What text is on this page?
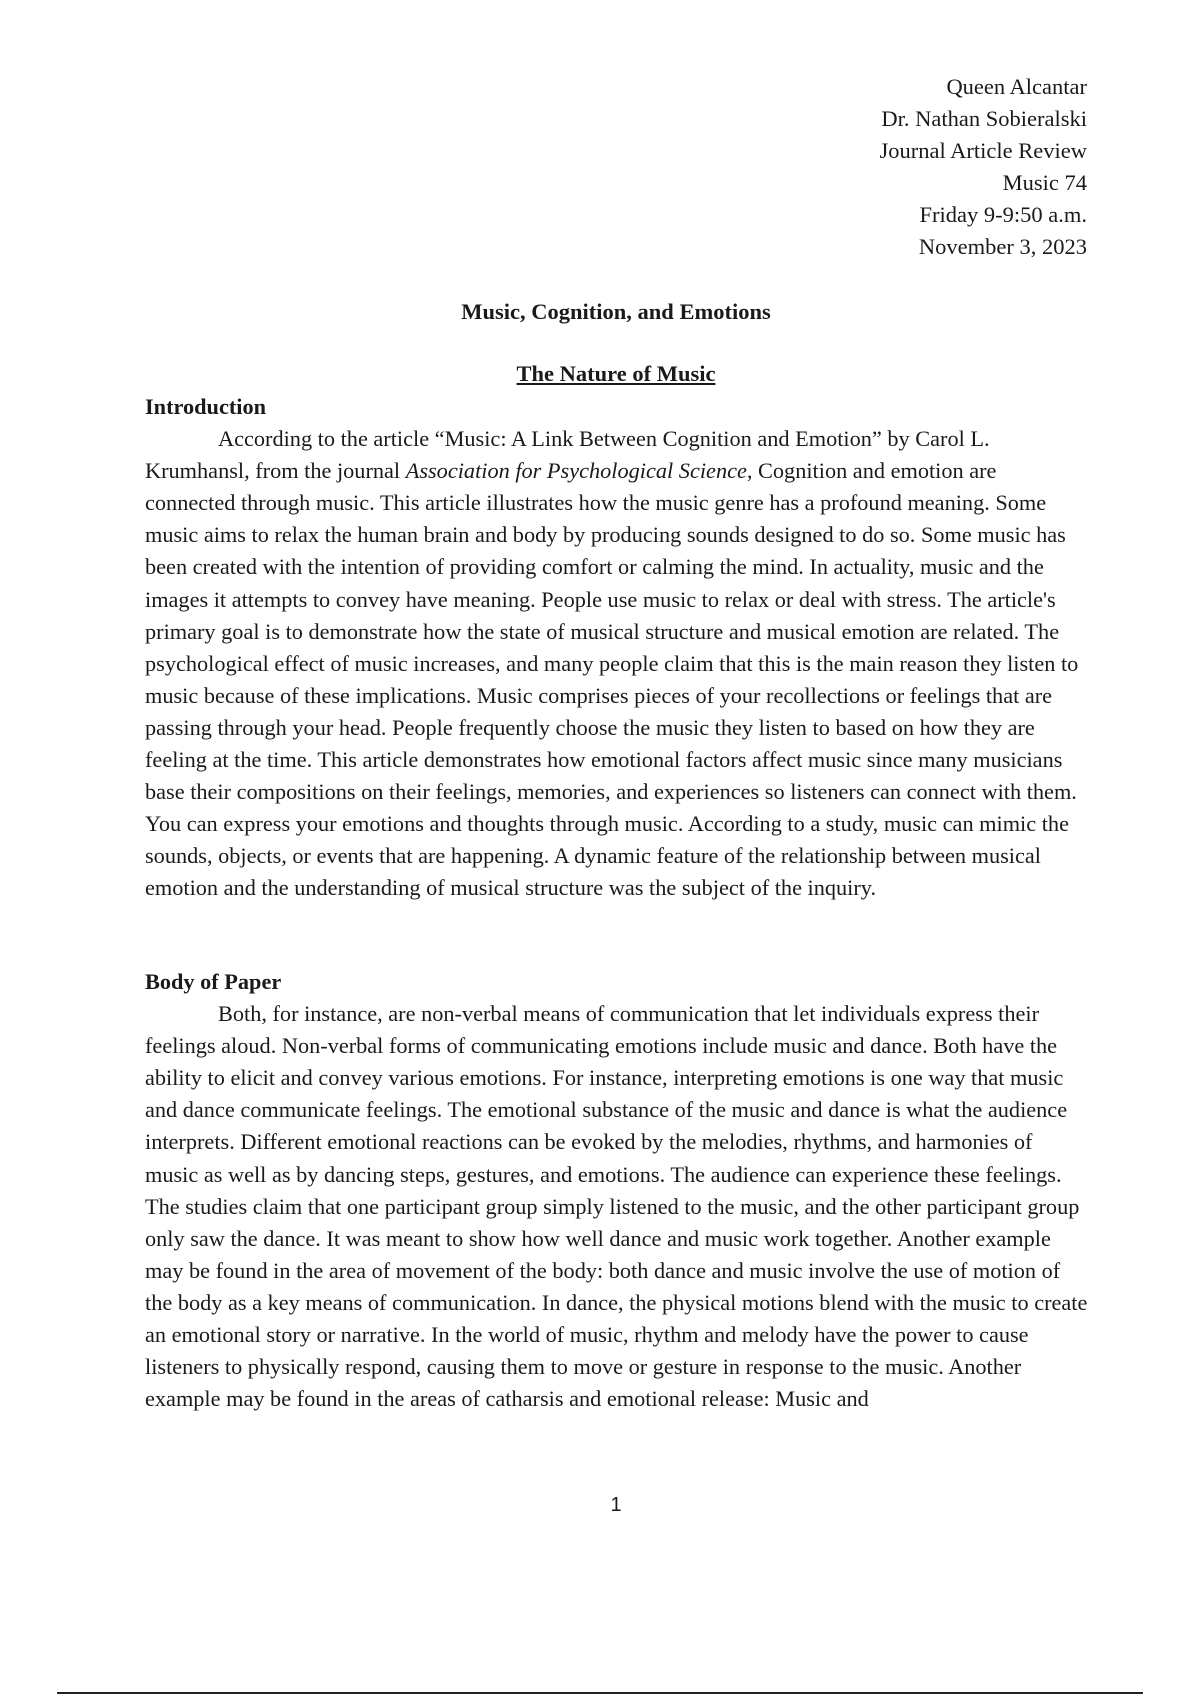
Queen Alcantar
Dr. Nathan Sobieralski
Journal Article Review
Music 74
Friday 9-9:50 a.m.
November 3, 2023
Music, Cognition, and Emotions
The Nature of Music
Introduction

According to the article “Music: A Link Between Cognition and Emotion” by Carol L. Krumhansl, from the journal Association for Psychological Science, Cognition and emotion are connected through music. This article illustrates how the music genre has a profound meaning. Some music aims to relax the human brain and body by producing sounds designed to do so. Some music has been created with the intention of providing comfort or calming the mind. In actuality, music and the images it attempts to convey have meaning. People use music to relax or deal with stress. The article's primary goal is to demonstrate how the state of musical structure and musical emotion are related. The psychological effect of music increases, and many people claim that this is the main reason they listen to music because of these implications. Music comprises pieces of your recollections or feelings that are passing through your head. People frequently choose the music they listen to based on how they are feeling at the time. This article demonstrates how emotional factors affect music since many musicians base their compositions on their feelings, memories, and experiences so listeners can connect with them. You can express your emotions and thoughts through music. According to a study, music can mimic the sounds, objects, or events that are happening. A dynamic feature of the relationship between musical emotion and the understanding of musical structure was the subject of the inquiry.

Body of Paper

Both, for instance, are non-verbal means of communication that let individuals express their feelings aloud. Non-verbal forms of communicating emotions include music and dance. Both have the ability to elicit and convey various emotions. For instance, interpreting emotions is one way that music and dance communicate feelings. The emotional substance of the music and dance is what the audience interprets. Different emotional reactions can be evoked by the melodies, rhythms, and harmonies of music as well as by dancing steps, gestures, and emotions. The audience can experience these feelings. The studies claim that one participant group simply listened to the music, and the other participant group only saw the dance. It was meant to show how well dance and music work together. Another example may be found in the area of movement of the body: both dance and music involve the use of motion of the body as a key means of communication. In dance, the physical motions blend with the music to create an emotional story or narrative. In the world of music, rhythm and melody have the power to cause listeners to physically respond, causing them to move or gesture in response to the music. Another example may be found in the areas of catharsis and emotional release: Music and

1
